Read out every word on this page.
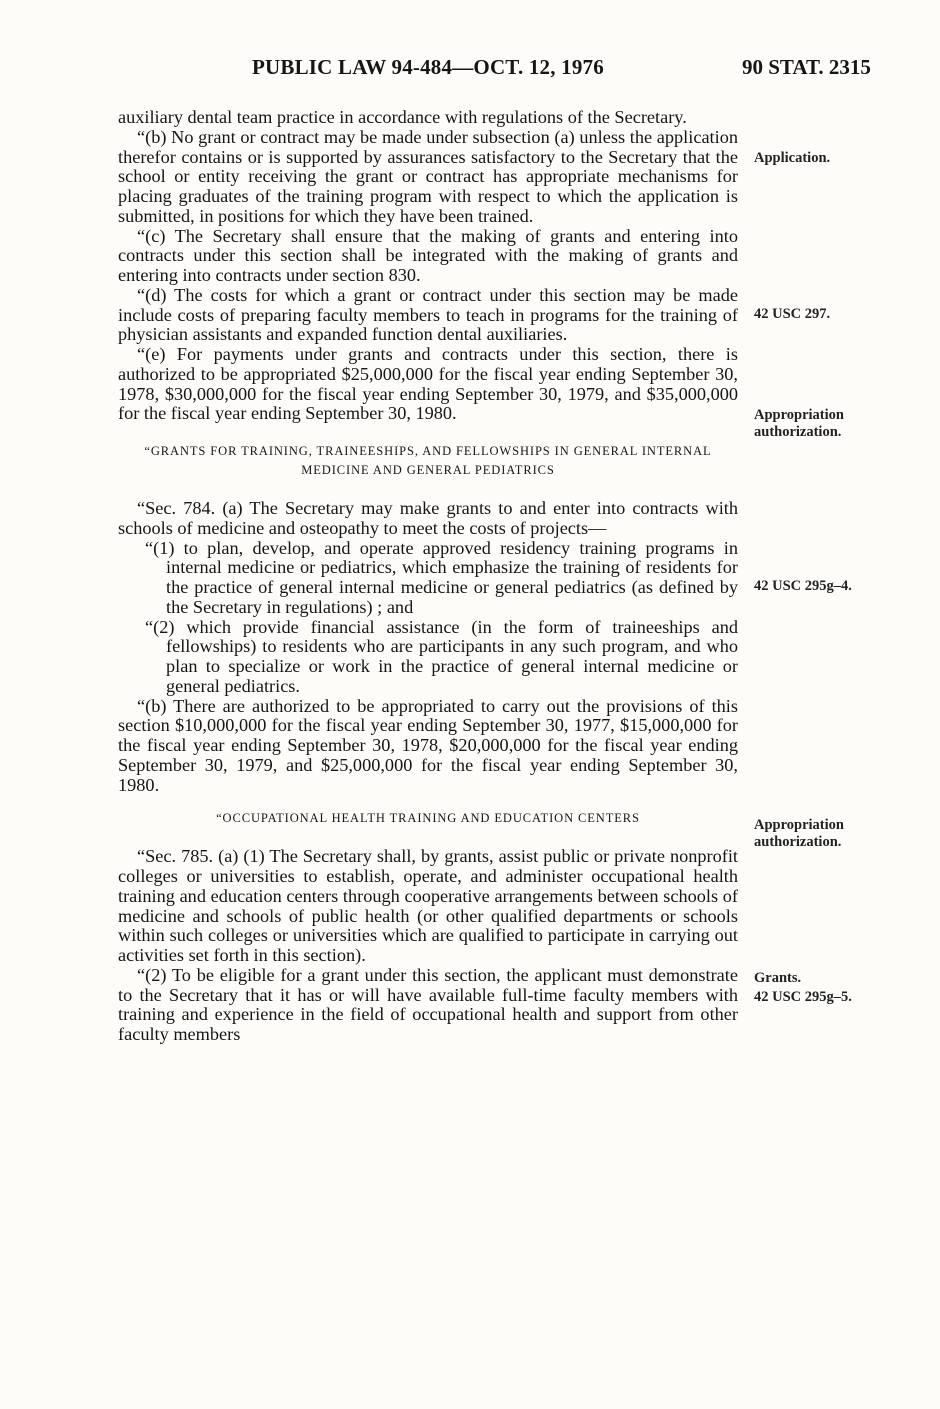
PUBLIC LAW 94-484—OCT. 12, 1976	90 STAT. 2315

auxiliary dental team practice in accordance with regulations of the Secretary.

“(b) No grant or contract may be made under subsection (a) unless the application therefor contains or is supported by assurances satisfactory to the Secretary that the school or entity receiving the grant or contract has appropriate mechanisms for placing graduates of the training program with respect to which the application is submitted, in positions for which they have been trained.

“(c) The Secretary shall ensure that the making of grants and entering into contracts under this section shall be integrated with the making of grants and entering into contracts under section 830.

“(d) The costs for which a grant or contract under this section may be made include costs of preparing faculty members to teach in programs for the training of physician assistants and expanded function dental auxiliaries.

“(e) For payments under grants and contracts under this section, there is authorized to be appropriated $25,000,000 for the fiscal year ending September 30, 1978, $30,000,000 for the fiscal year ending September 30, 1979, and $35,000,000 for the fiscal year ending September 30, 1980.

“GRANTS FOR TRAINING, TRAINEESHIPS, AND FELLOWSHIPS IN GENERAL INTERNAL MEDICINE AND GENERAL PEDIATRICS

“Sec. 784. (a) The Secretary may make grants to and enter into contracts with schools of medicine and osteopathy to meet the costs of projects—

“(1) to plan, develop, and operate approved residency training programs in internal medicine or pediatrics, which emphasize the training of residents for the practice of general internal medicine or general pediatrics (as defined by the Secretary in regulations) ; and

“(2) which provide financial assistance (in the form of traineeships and fellowships) to residents who are participants in any such program, and who plan to specialize or work in the practice of general internal medicine or general pediatrics.

“(b) There are authorized to be appropriated to carry out the provisions of this section $10,000,000 for the fiscal year ending September 30, 1977, $15,000,000 for the fiscal year ending September 30, 1978, $20,000,000 for the fiscal year ending September 30, 1979, and $25,000,000 for the fiscal year ending September 30, 1980.

“OCCUPATIONAL HEALTH TRAINING AND EDUCATION CENTERS

“Sec. 785. (a) (1) The Secretary shall, by grants, assist public or private nonprofit colleges or universities to establish, operate, and administer occupational health training and education centers through cooperative arrangements between schools of medicine and schools of public health (or other qualified departments or schools within such colleges or universities which are qualified to participate in carrying out activities set forth in this section).

“(2) To be eligible for a grant under this section, the applicant must demonstrate to the Secretary that it has or will have available full-time faculty members with training and experience in the field of occupational health and support from other faculty members

Application.
42 USC 297.
Appropriation
authorization.
42 USC 295g–4.
Appropriation
authorization.
Grants.
42 USC 295g–5.
